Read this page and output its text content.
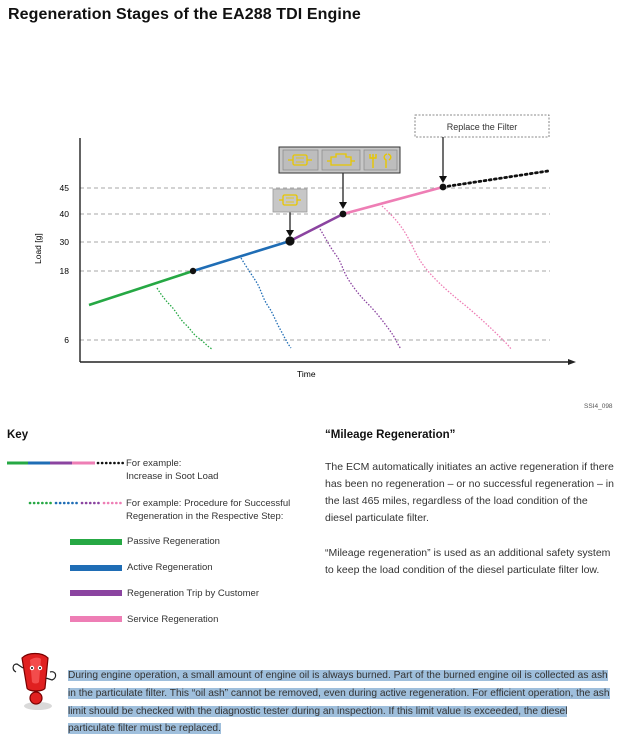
Regeneration Stages of the EA288 TDI Engine
45
40
30
18
6
Load [g]
Time
Replace the Filter
SSI4_098
Key
For example:
Increase in Soot Load
For example: Procedure for Successful
Regeneration in the Respective Step:
Passive Regeneration
Active Regeneration
Regeneration Trip by Customer
Service Regeneration
“Mileage Regeneration”
The ECM automatically initiates an active regeneration if there has been no regeneration – or no successful regeneration – in the last 465 miles, regardless of the load condition of the diesel particulate filter.
“Mileage regeneration” is used as an additional safety system to keep the load condition of the diesel particulate filter low.
During engine operation, a small amount of engine oil is always burned. Part of the burned engine oil is collected as ash in the particulate filter. This “oil ash” cannot be removed, even during active regeneration. For efficient operation, the ash limit should be checked with the diagnostic tester during an inspection. If this limit value is exceeded, the diesel particulate filter must be replaced.
